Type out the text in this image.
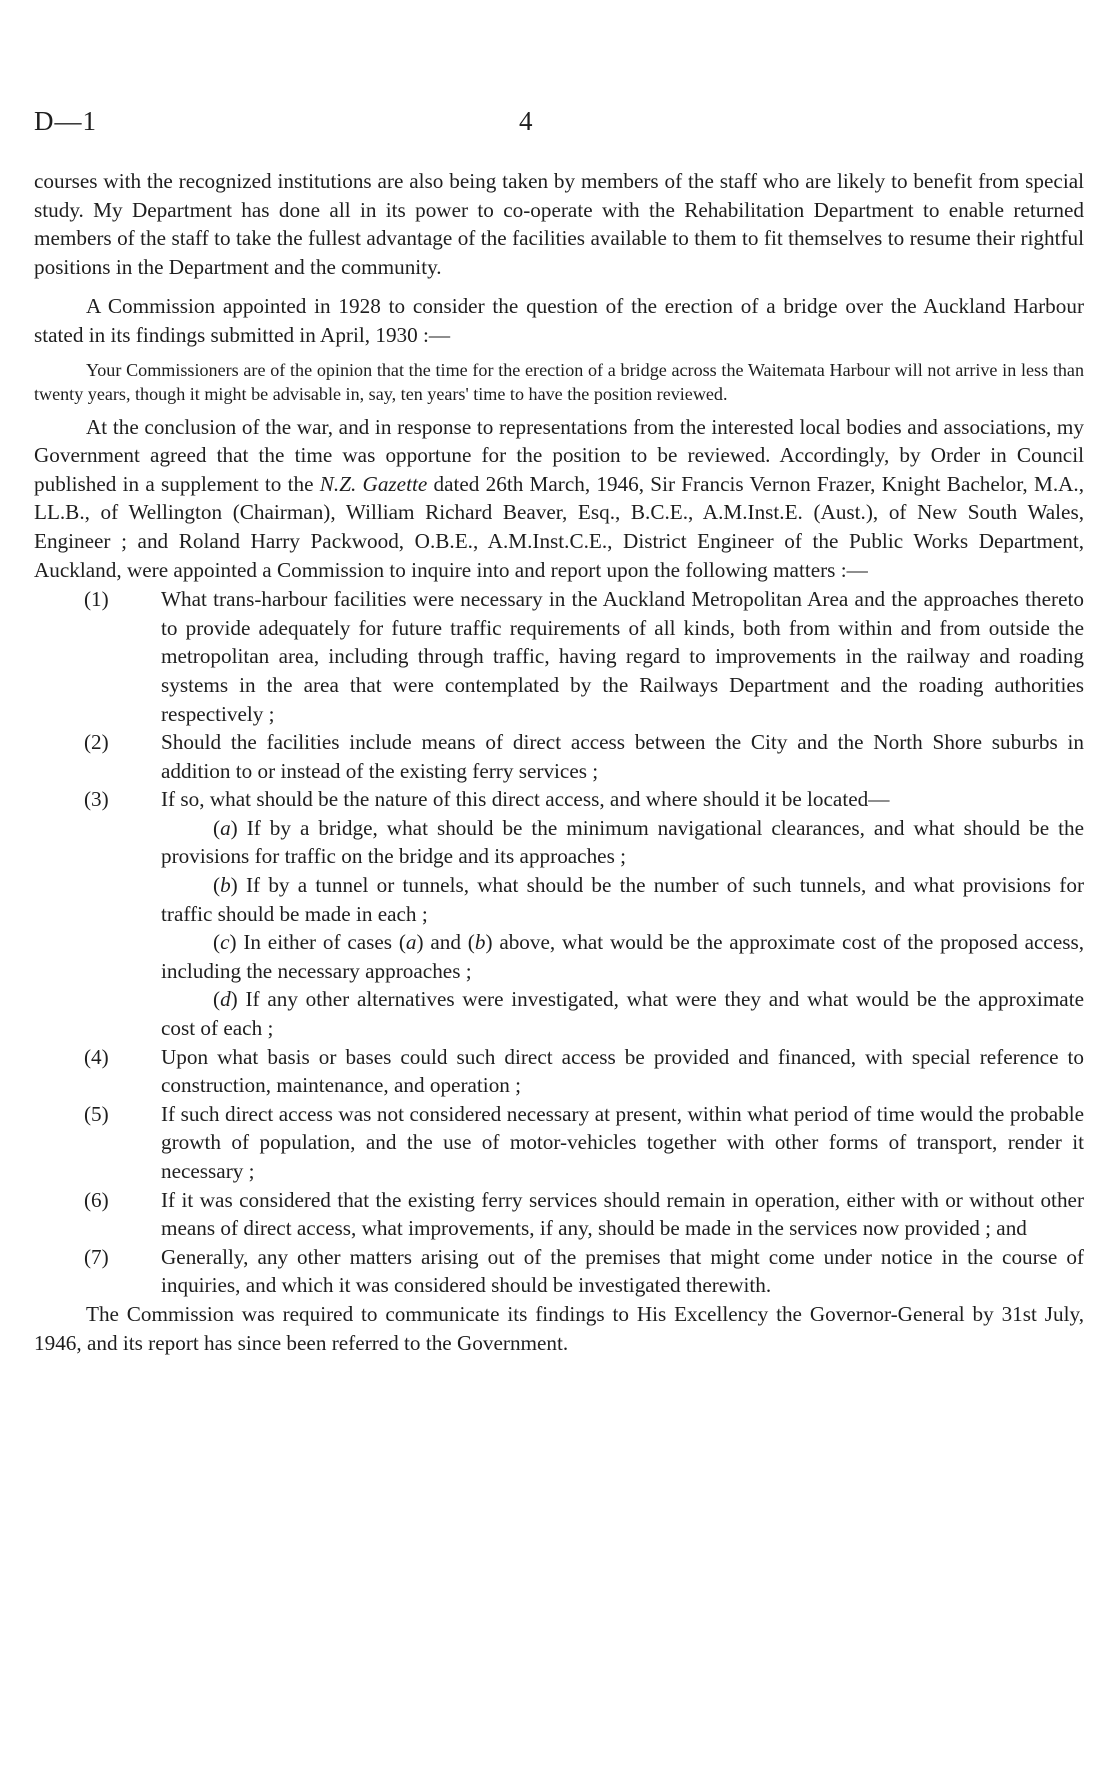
D—1	4

courses with the recognized institutions are also being taken by members of the staff who are likely to benefit from special study. My Department has done all in its power to co-operate with the Rehabilitation Department to enable returned members of the staff to take the fullest advantage of the facilities available to them to fit themselves to resume their rightful positions in the Department and the community.

A Commission appointed in 1928 to consider the question of the erection of a bridge over the Auckland Harbour stated in its findings submitted in April, 1930 :—

Your Commissioners are of the opinion that the time for the erection of a bridge across the Waitemata Harbour will not arrive in less than twenty years, though it might be advisable in, say, ten years' time to have the position reviewed.

At the conclusion of the war, and in response to representations from the interested local bodies and associations, my Government agreed that the time was opportune for the position to be reviewed. Accordingly, by Order in Council published in a supplement to the N.Z. Gazette dated 26th March, 1946, Sir Francis Vernon Frazer, Knight Bachelor, M.A., LL.B., of Wellington (Chairman), William Richard Beaver, Esq., B.C.E., A.M.Inst.E. (Aust.), of New South Wales, Engineer ; and Roland Harry Packwood, O.B.E., A.M.Inst.C.E., District Engineer of the Public Works Department, Auckland, were appointed a Commission to inquire into and report upon the following matters :—

(1) What trans-harbour facilities were necessary in the Auckland Metropolitan Area and the approaches thereto to provide adequately for future traffic requirements of all kinds, both from within and from outside the metropolitan area, including through traffic, having regard to improvements in the railway and roading systems in the area that were contemplated by the Railways Department and the roading authorities respectively ;
(2) Should the facilities include means of direct access between the City and the North Shore suburbs in addition to or instead of the existing ferry services ;
(3) If so, what should be the nature of this direct access, and where should it be located—

(a) If by a bridge, what should be the minimum navigational clearances, and what should be the provisions for traffic on the bridge and its approaches ;

(b) If by a tunnel or tunnels, what should be the number of such tunnels, and what provisions for traffic should be made in each ;

(c) In either of cases (a) and (b) above, what would be the approximate cost of the proposed access, including the necessary approaches ;

(d) If any other alternatives were investigated, what were they and what would be the approximate cost of each ;

(4) Upon what basis or bases could such direct access be provided and financed, with special reference to construction, maintenance, and operation ;
(5) If such direct access was not considered necessary at present, within what period of time would the probable growth of population, and the use of motor-vehicles together with other forms of transport, render it necessary ;
(6) If it was considered that the existing ferry services should remain in operation, either with or without other means of direct access, what improvements, if any, should be made in the services now provided ; and
(7) Generally, any other matters arising out of the premises that might come under notice in the course of inquiries, and which it was considered should be investigated therewith.

The Commission was required to communicate its findings to His Excellency the Governor-General by 31st July, 1946, and its report has since been referred to the Government.
